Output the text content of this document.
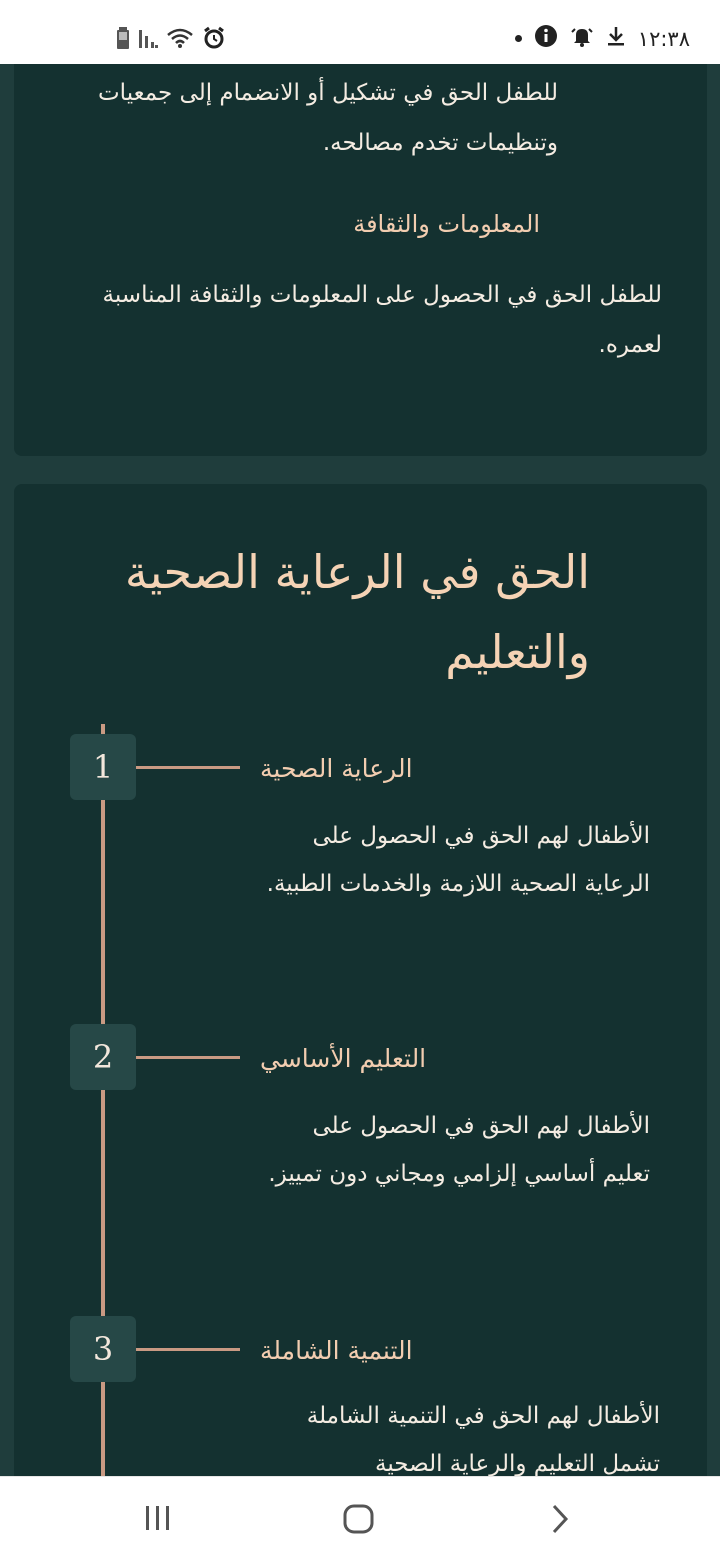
١٢:٣٨
للطفل الحق في تشكيل أو الانضمام إلى جمعيات وتنظيمات تخدم مصالحه.
المعلومات والثقافة
للطفل الحق في الحصول على المعلومات والثقافة المناسبة لعمره.
الحق في الرعاية الصحية والتعليم
1	الرعاية الصحية
الأطفال لهم الحق في الحصول على الرعاية الصحية اللازمة والخدمات الطبية.
2	التعليم الأساسي
الأطفال لهم الحق في الحصول على تعليم أساسي إلزامي ومجاني دون تمييز.
3	التنمية الشاملة
الأطفال لهم الحق في التنمية الشاملة تشمل التعليم والرعاية الصحية
